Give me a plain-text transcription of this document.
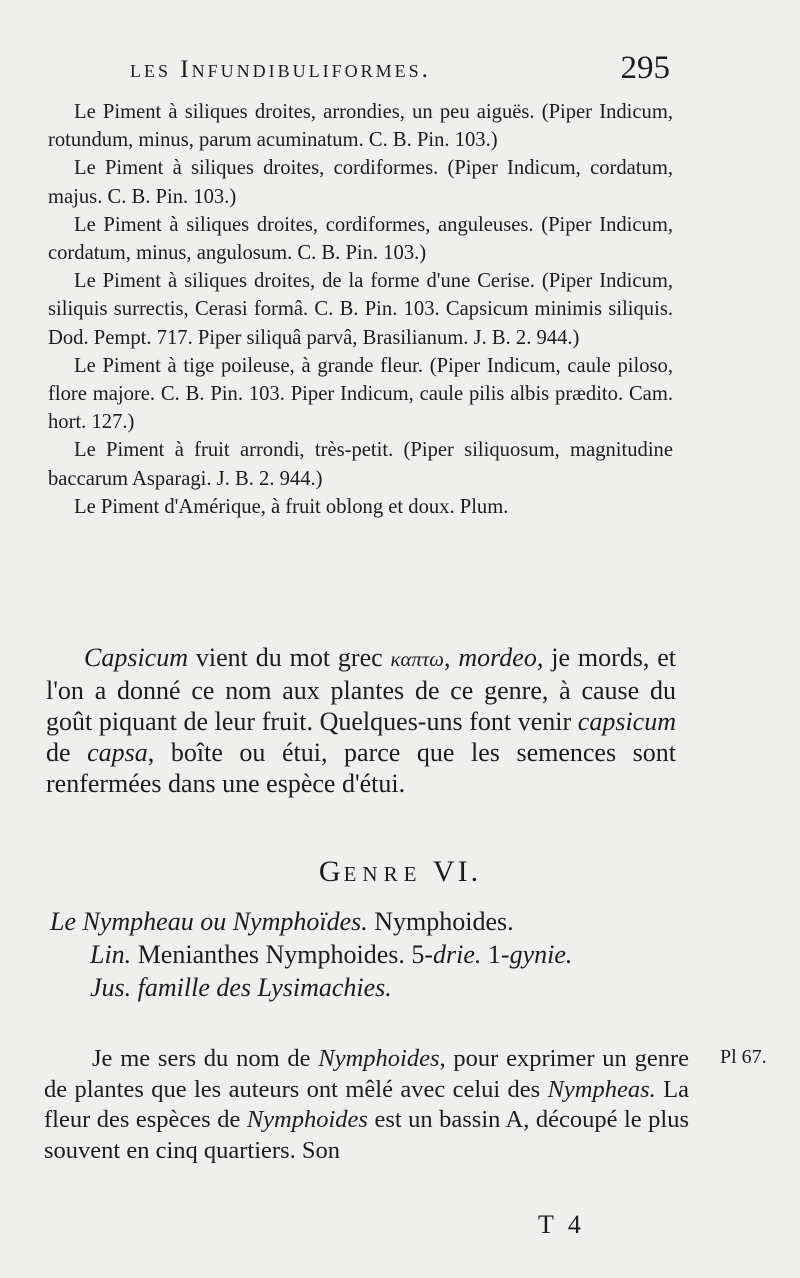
les Infundibuliformes.	295

Le Piment à siliques droites, arrondies, un peu aiguës. (Piper Indicum, rotundum, minus, parum acuminatum. C. B. Pin. 103.)

Le Piment à siliques droites, cordiformes. (Piper Indicum, cordatum, majus. C. B. Pin. 103.)

Le Piment à siliques droites, cordiformes, anguleuses. (Piper Indicum, cordatum, minus, angulosum. C. B. Pin. 103.)

Le Piment à siliques droites, de la forme d'une Cerise. (Piper Indicum, siliquis surrectis, Cerasi formâ. C. B. Pin. 103. Capsicum minimis siliquis. Dod. Pempt. 717. Piper siliquâ parvâ, Brasilianum. J. B. 2. 944.)

Le Piment à tige poileuse, à grande fleur. (Piper Indicum, caule piloso, flore majore. C. B. Pin. 103. Piper Indicum, caule pilis albis prædito. Cam. hort. 127.)

Le Piment à fruit arrondi, très-petit. (Piper siliquosum, magnitudine baccarum Asparagi. J. B. 2. 944.)

Le Piment d'Amérique, à fruit oblong et doux. Plum.

Capsicum vient du mot grec καπτω, mordeo, je mords, et l'on a donné ce nom aux plantes de ce genre, à cause du goût piquant de leur fruit. Quelques-uns font venir capsicum de capsa, boîte ou étui, parce que les semences sont renfermées dans une espèce d'étui.

GENRE VI.
Le Nympheau ou Nymphoïdes. Nymphoides.
Lin. Menianthes Nymphoides. 5-drie. 1-gynie.
Jus. famille des Lysimachies.

Je me sers du nom de Nymphoides, pour exprimer un genre de plantes que les auteurs ont mêlé avec celui des Nympheas. La fleur des espèces de Nymphoides est un bassin A, découpé le plus souvent en cinq quartiers. Son

Pl 67.
T 4
